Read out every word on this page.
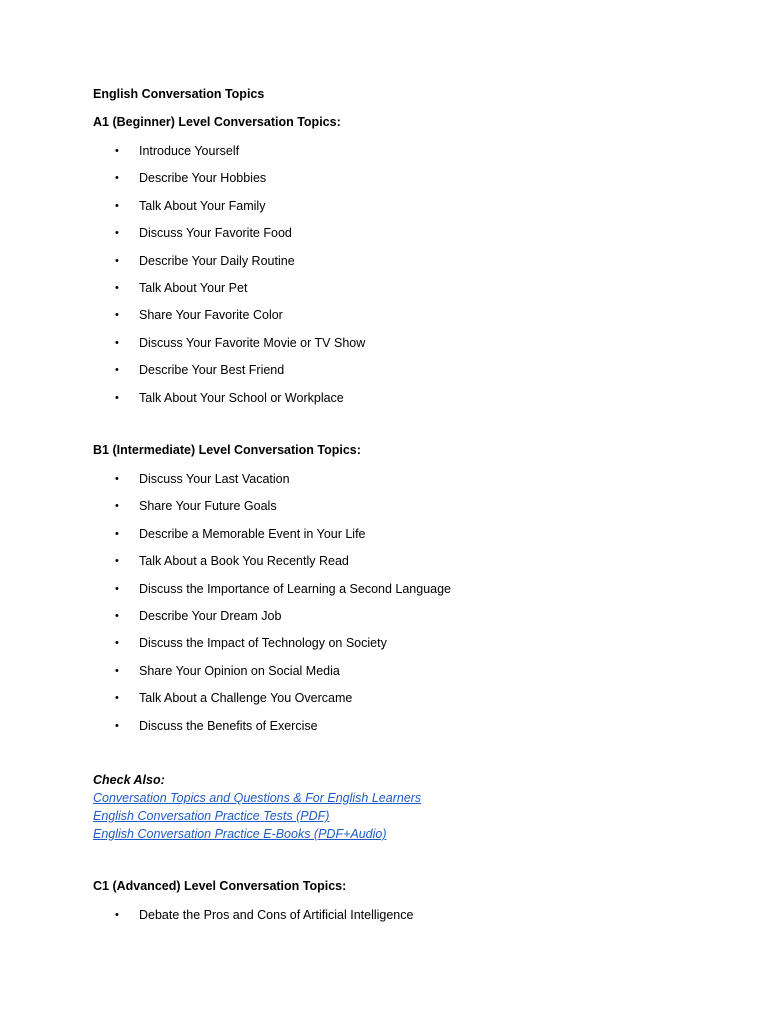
English Conversation Topics
A1 (Beginner) Level Conversation Topics:
• Introduce Yourself
• Describe Your Hobbies
• Talk About Your Family
• Discuss Your Favorite Food
• Describe Your Daily Routine
• Talk About Your Pet
• Share Your Favorite Color
• Discuss Your Favorite Movie or TV Show
• Describe Your Best Friend
• Talk About Your School or Workplace
B1 (Intermediate) Level Conversation Topics:
• Discuss Your Last Vacation
• Share Your Future Goals
• Describe a Memorable Event in Your Life
• Talk About a Book You Recently Read
• Discuss the Importance of Learning a Second Language
• Describe Your Dream Job
• Discuss the Impact of Technology on Society
• Share Your Opinion on Social Media
• Talk About a Challenge You Overcame
• Discuss the Benefits of Exercise
Check Also:
Conversation Topics and Questions & For English Learners
English Conversation Practice Tests (PDF)
English Conversation Practice E-Books (PDF+Audio)
C1 (Advanced) Level Conversation Topics:
• Debate the Pros and Cons of Artificial Intelligence
